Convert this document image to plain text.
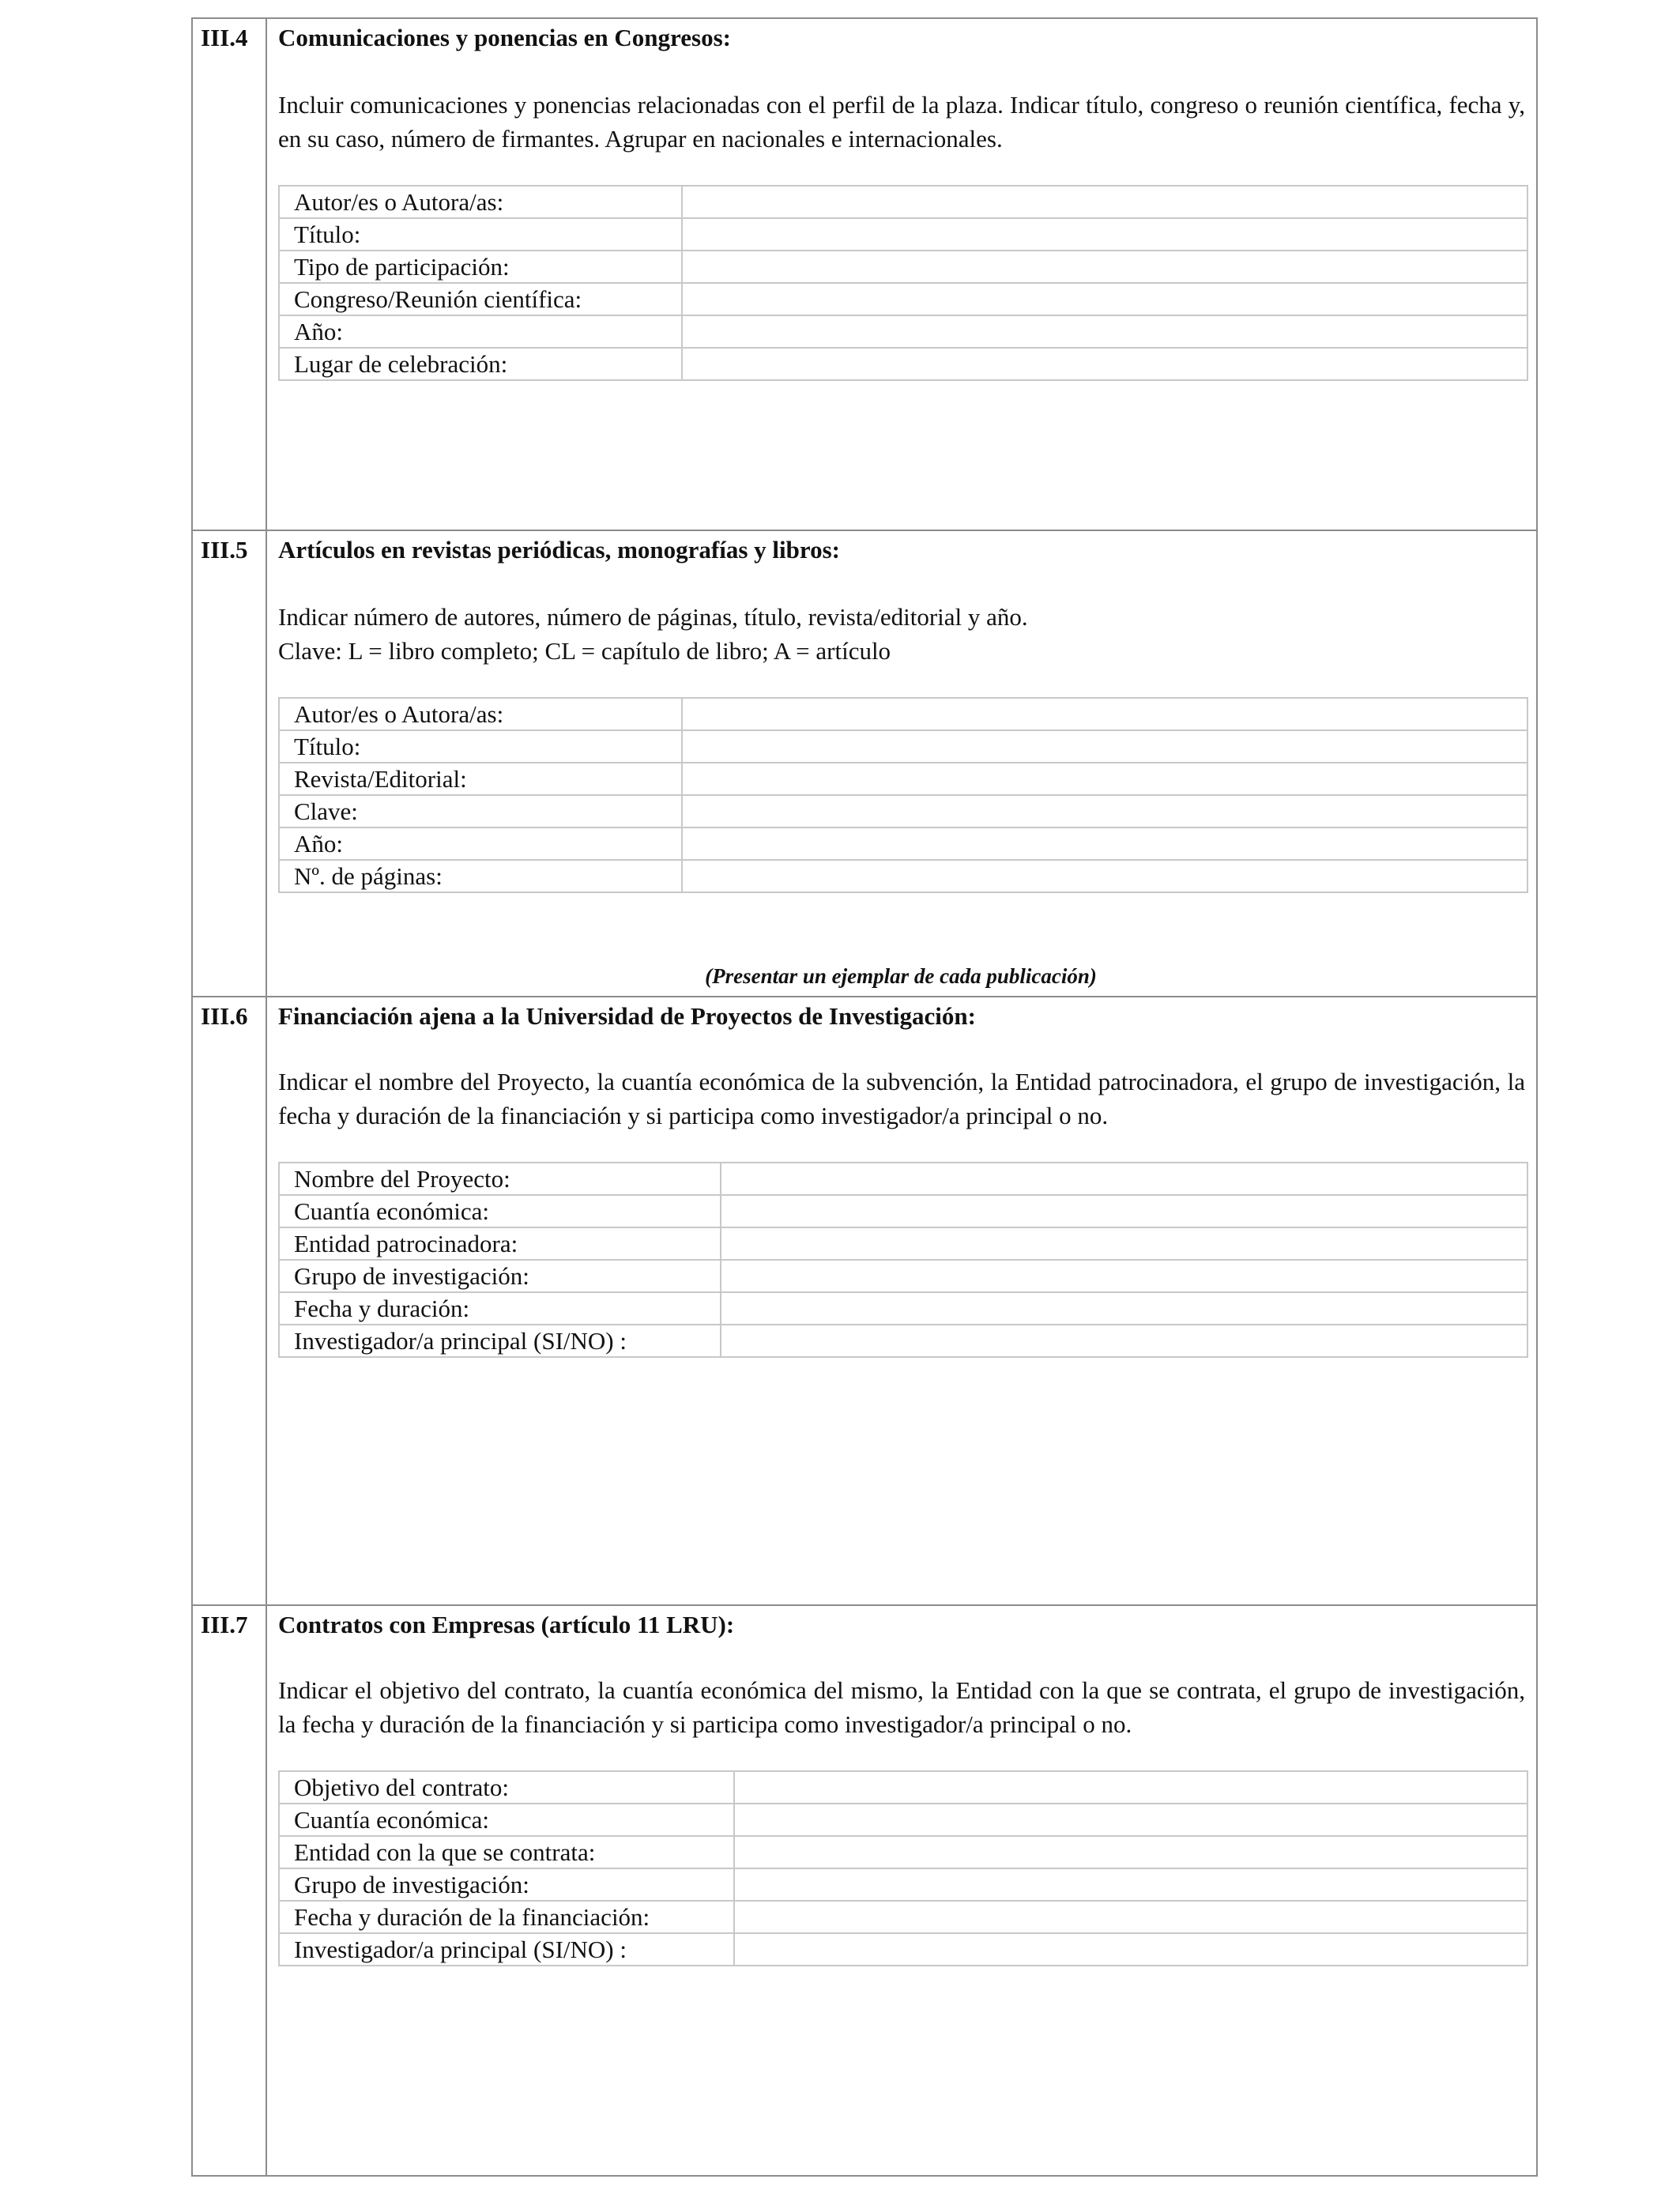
III.4 Comunicaciones y ponencias en Congresos:

Incluir comunicaciones y ponencias relacionadas con el perfil de la plaza. Indicar título, congreso o reunión científica, fecha y, en su caso, número de firmantes. Agrupar en nacionales e internacionales.

Autor/es o Autora/as:	
Título:	
Tipo de participación:	
Congreso/Reunión científica:	
Año:	
Lugar de celebración:	
III.5 Artículos en revistas periódicas, monografías y libros:

Indicar número de autores, número de páginas, título, revista/editorial y año.

Clave: L = libro completo; CL = capítulo de libro; A = artículo

Autor/es o Autora/as:	
Título:	
Revista/Editorial:	
Clave:	
Año:	
Nº. de páginas:	
(Presentar un ejemplar de cada publicación)
III.6 Financiación ajena a la Universidad de Proyectos de Investigación:

Indicar el nombre del Proyecto, la cuantía económica de la subvención, la Entidad patrocinadora, el grupo de investigación, la fecha y duración de la financiación y si participa como investigador/a principal o no.

Nombre del Proyecto:	
Cuantía económica:	
Entidad patrocinadora:	
Grupo de investigación:	
Fecha y duración:	
Investigador/a principal (SI/NO) :	
III.7 Contratos con Empresas (artículo 11 LRU):

Indicar el objetivo del contrato, la cuantía económica del mismo, la Entidad con la que se contrata, el grupo de investigación, la fecha y duración de la financiación y si participa como investigador/a principal o no.

Objetivo del contrato:	
Cuantía económica:	
Entidad con la que se contrata:	
Grupo de investigación:	
Fecha y duración de la financiación:	
Investigador/a principal (SI/NO) :	
